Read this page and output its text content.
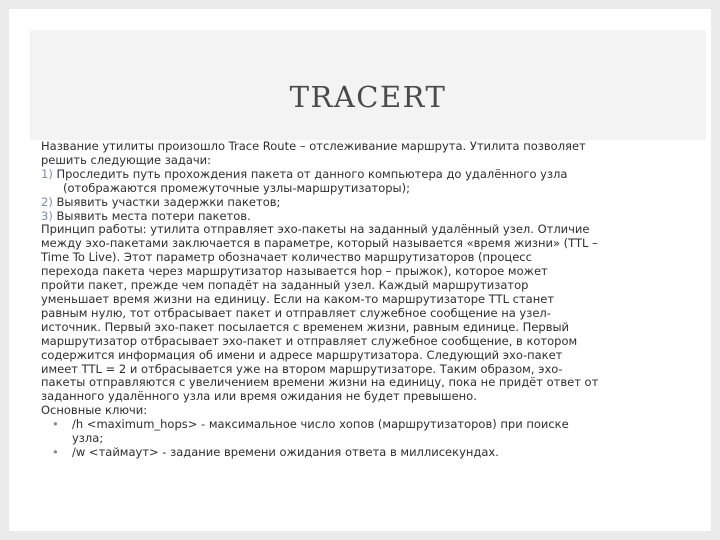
TRACERT

Название утилиты произошло Trace Route – отслеживание маршрута. Утилита позволяет

решить следующие задачи:

1) Проследить путь прохождения пакета от данного компьютера до удалённого узла

(отображаются промежуточные узлы-маршрутизаторы);

2) Выявить участки задержки пакетов;

3) Выявить места потери пакетов.

Принцип работы: утилита отправляет эхо-пакеты на заданный удалённый узел. Отличие

между эхо-пакетами заключается в параметре, который называется «время жизни» (TTL –

Time To Live). Этот параметр обозначает количество маршрутизаторов (процесс

перехода пакета через маршрутизатор называется hop – прыжок), которое может

пройти пакет, прежде чем попадёт на заданный узел. Каждый маршрутизатор

уменьшает время жизни на единицу. Если на каком-то маршрутизаторе TTL станет

равным нулю, тот отбрасывает пакет и отправляет служебное сообщение на узел-

источник. Первый эхо-пакет посылается с временем жизни, равным единице. Первый

маршрутизатор отбрасывает эхо-пакет и отправляет служебное сообщение, в котором

содержится информация об имени и адресе маршрутизатора. Следующий эхо-пакет

имеет TTL = 2 и отбрасывается уже на втором маршрутизаторе. Таким образом, эхо-

пакеты отправляются с увеличением времени жизни на единицу, пока не придёт ответ от

заданного удалённого узла или время ожидания не будет превышено.

Основные ключи:

• /h <maximum_hops> - максимальное число хопов (маршрутизаторов) при поиске

узла;

• /w <таймаут> - задание времени ожидания ответа в миллисекундах.
